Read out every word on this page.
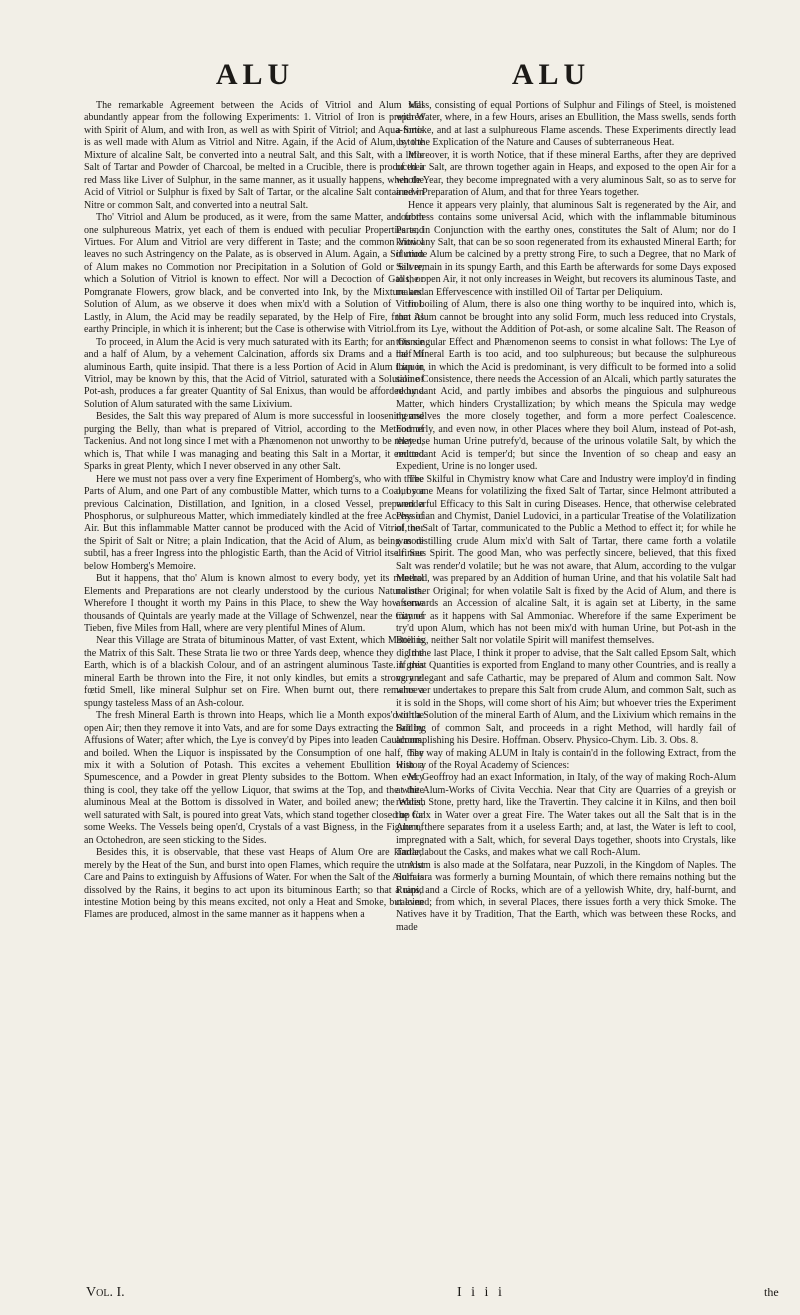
ALU	ALU

The remarkable Agreement between the Acids of Vitriol and Alum will abundantly appear from the following Experiments: 1. Vitriol of Iron is prepared with Spirit of Alum, and with Iron, as well as with Spirit of Vitriol; and Aqua-fortis is as well made with Alum as Vitriol and Nitre. Again, if the Acid of Alum, by the Mixture of alcaline Salt, be converted into a neutral Salt, and this Salt, with a little Salt of Tartar and Powder of Charcoal, be melted in a Crucible, there is produced a red Mass like Liver of Sulphur, in the same manner, as it usually happens, when the Acid of Vitriol or Sulphur is fixed by Salt of Tartar, or the alcaline Salt contained in Nitre or common Salt, and converted into a neutral Salt.

Tho' Vitriol and Alum be produced, as it were, from the same Matter, and from one sulphureous Matrix, yet each of them is endued with peculiar Properties and Virtues. For Alum and Vitriol are very different in Taste; and the common Vitriol leaves no such Astringency on the Palate, as is observed in Alum. Again, a Solution of Alum makes no Commotion nor Precipitation in a Solution of Gold or Silver, which a Solution of Vitriol is known to effect. Nor will a Decoction of Galls, or Pomgranate Flowers, grow black, and be converted into Ink, by the Mixture and Solution of Alum, as we observe it does when mix'd with a Solution of Vitriol. Lastly, in Alum, the Acid may be readily separated, by the Help of Fire, from its earthy Principle, in which it is inherent; but the Case is otherwise with Vitriol.

To proceed, in Alum the Acid is very much saturated with its Earth; for an Ounce and a half of Alum, by a vehement Calcination, affords six Drams and a half of aluminous Earth, quite insipid. That there is a less Portion of Acid in Alum than in Vitriol, may be known by this, that the Acid of Vitriol, saturated with a Solution of Pot-ash, produces a far greater Quantity of Sal Enixus, than would be afforded by a Solution of Alum saturated with the same Lixivium.

Besides, the Salt this way prepared of Alum is more successful in loosening and purging the Belly, than what is prepared of Vitriol, according to the Method of Tackenius. And not long since I met with a Phænomenon not unworthy to be related, which is, That while I was managing and beating this Salt in a Mortar, it emitted Sparks in great Plenty, which I never observed in any other Salt.

Here we must not pass over a very fine Experiment of Homberg's, who with three Parts of Alum, and one Part of any combustible Matter, which turns to a Coal, by a previous Calcination, Distillation, and Ignition, in a closed Vessel, prepared a Phosphorus, or sulphureous Matter, which immediately kindled at the free Access of Air. But this inflammable Matter cannot be produced with the Acid of Vitriol, nor the Spirit of Salt or Nitre; a plain Indication, that the Acid of Alum, as being more subtil, has a freer Ingress into the phlogistic Earth, than the Acid of Vitriol itself. See below Homberg's Memoire.

But it happens, that tho' Alum is known almost to every body, yet its mineral Elements and Preparations are not clearly understood by the curious Naturalists. Wherefore I thought it worth my Pains in this Place, to shew the Way how some thousands of Quintals are yearly made at the Village of Schwenzel, near the City of Tieben, five Miles from Hall, where are very plentiful Mines of Alum.

Near this Village are Strata of bituminous Matter, of vast Extent, which Matter is the Matrix of this Salt. These Strata lie two or three Yards deep, whence they dig the Earth, which is of a blackish Colour, and of an astringent aluminous Taste. If this mineral Earth be thrown into the Fire, it not only kindles, but emits a strong and fœtid Smell, like mineral Sulphur set on Fire. When burnt out, there remains a spungy tasteless Mass of an Ash-colour.

The fresh Mineral Earth is thrown into Heaps, which lie a Month expos'd to the open Air; then they remove it into Vats, and are for some Days extracting the Salt by Affusions of Water; after which, the Lye is convey'd by Pipes into leaden Cauldrons, and boiled. When the Liquor is inspissated by the Consumption of one half, they mix it with a Solution of Potash. This excites a vehement Ebullition with a Spumescence, and a Powder in great Plenty subsides to the Bottom. When every thing is cool, they take off the yellow Liquor, that swims at the Top, and the white aluminous Meal at the Bottom is dissolved in Water, and boiled anew; the Water, well saturated with Salt, is poured into great Vats, which stand together closed up for some Weeks. The Vessels being open'd, Crystals of a vast Bigness, in the Figure of an Octohedron, are seen sticking to the Sides.

Besides this, it is observable, that these vast Heaps of Alum Ore are kindled merely by the Heat of the Sun, and burst into open Flames, which require the utmost Care and Pains to extinguish by Affusions of Water. For when the Salt of the Alum is dissolved by the Rains, it begins to act upon its bituminous Earth; so that a rapid intestine Motion being by this means excited, not only a Heat and Smoke, but even Flames are produced, almost in the same manner as it happens when a

Mass, consisting of equal Portions of Sulphur and Filings of Steel, is moistened with Water, where, in a few Hours, arises an Ebullition, the Mass swells, sends forth a Smoke, and at last a sulphureous Flame ascends. These Experiments directly lead us to the Explication of the Nature and Causes of subterraneous Heat.

Moreover, it is worth Notice, that if these mineral Earths, after they are deprived of their Salt, are thrown together again in Heaps, and exposed to the open Air for a whole Year, they become impregnated with a very aluminous Salt, so as to serve for a new Preparation of Alum, and that for three Years together.

Hence it appears very plainly, that aluminous Salt is regenerated by the Air, and doubtless contains some universal Acid, which with the inflammable bituminous Parts, in Conjunction with the earthy ones, constitutes the Salt of Alum; nor do I know any Salt, that can be so soon regenerated from its exhausted Mineral Earth; for if crude Alum be calcined by a pretty strong Fire, to such a Degree, that no Mark of Salt remain in its spungy Earth, and this Earth be afterwards for some Days exposed to the open Air, it not only increases in Weight, but recovers its aluminous Taste, and makes an Effervescence with instilled Oil of Tartar per Deliquium.

In boiling of Alum, there is also one thing worthy to be inquired into, which is, that Alum cannot be brought into any solid Form, much less reduced into Crystals, from its Lye, without the Addition of Pot-ash, or some alcaline Salt. The Reason of this singular Effect and Phænomenon seems to consist in what follows: The Lye of the Mineral Earth is too acid, and too sulphureous; but because the sulphureous Liquor, in which the Acid is predominant, is very difficult to be formed into a solid saline Consistence, there needs the Accession of an Alcali, which partly saturates the redundant Acid, and partly imbibes and absorbs the pinguious and sulphureous Matter, which hinders Crystallization; by which means the Spicula may wedge themselves the more closely together, and form a more perfect Coalescence. Formerly, and even now, in other Places where they boil Alum, instead of Pot-ash, they use human Urine putrefy'd, because of the urinous volatile Salt, by which the redundant Acid is temper'd; but since the Invention of so cheap and easy an Expedient, Urine is no longer used.

The Skilful in Chymistry know what Care and Industry were imploy'd in finding out some Means for volatilizing the fixed Salt of Tartar, since Helmont attributed a wonderful Efficacy to this Salt in curing Diseases. Hence, that otherwise celebrated Physician and Chymist, Daniel Ludovici, in a particular Treatise of the Volatilization of the Salt of Tartar, communicated to the Public a Method to effect it; for while he was distilling crude Alum mix'd with Salt of Tartar, there came forth a volatile urinous Spirit. The good Man, who was perfectly sincere, believed, that this fixed Salt was render'd volatile; but he was not aware, that Alum, according to the vulgar Method, was prepared by an Addition of human Urine, and that his volatile Salt had no other Original; for when volatile Salt is fixed by the Acid of Alum, and there is afterwards an Accession of alcaline Salt, it is again set at Liberty, in the same manner as it happens with Sal Ammoniac. Wherefore if the same Experiment be try'd upon Alum, which has not been mix'd with human Urine, but Pot-ash in the Boiling, neither Salt nor volatile Spirit will manifest themselves.

In the last Place, I think it proper to advise, that the Salt called Epsom Salt, which in great Quantities is exported from England to many other Countries, and is really a very elegant and safe Cathartic, may be prepared of Alum and common Salt. Now whoever undertakes to prepare this Salt from crude Alum, and common Salt, such as it is sold in the Shops, will come short of his Aim; but whoever tries the Experiment with a Solution of the mineral Earth of Alum, and the Lixivium which remains in the Boiling of common Salt, and proceeds in a right Method, will hardly fail of accomplishing his Desire. Hoffman. Observ. Physico-Chym. Lib. 3. Obs. 8.

The way of making ALUM in Italy is contain'd in the following Extract, from the History of the Royal Academy of Sciences:

M. Geoffroy had an exact Information, in Italy, of the way of making Roch-Alum at the Alum-Works of Civita Vecchia. Near that City are Quarries of a greyish or reddish Stone, pretty hard, like the Travertin. They calcine it in Kilns, and then boil the Calx in Water over a great Fire. The Water takes out all the Salt that is in the Alum, there separates from it a useless Earth; and, at last, the Water is left to cool, impregnated with a Salt, which, for several Days together, shoots into Crystals, like Tartar, about the Casks, and makes what we call Roch-Alum.

Alum is also made at the Solfatara, near Puzzoli, in the Kingdom of Naples. The Solfatara was formerly a burning Mountain, of which there remains nothing but the Ruins, and a Circle of Rocks, which are of a yellowish White, dry, half-burnt, and calcined; from which, in several Places, there issues forth a very thick Smoke. The Natives have it by Tradition, That the Earth, which was between these Rocks, and made

Vol. I.	I i i i	the
